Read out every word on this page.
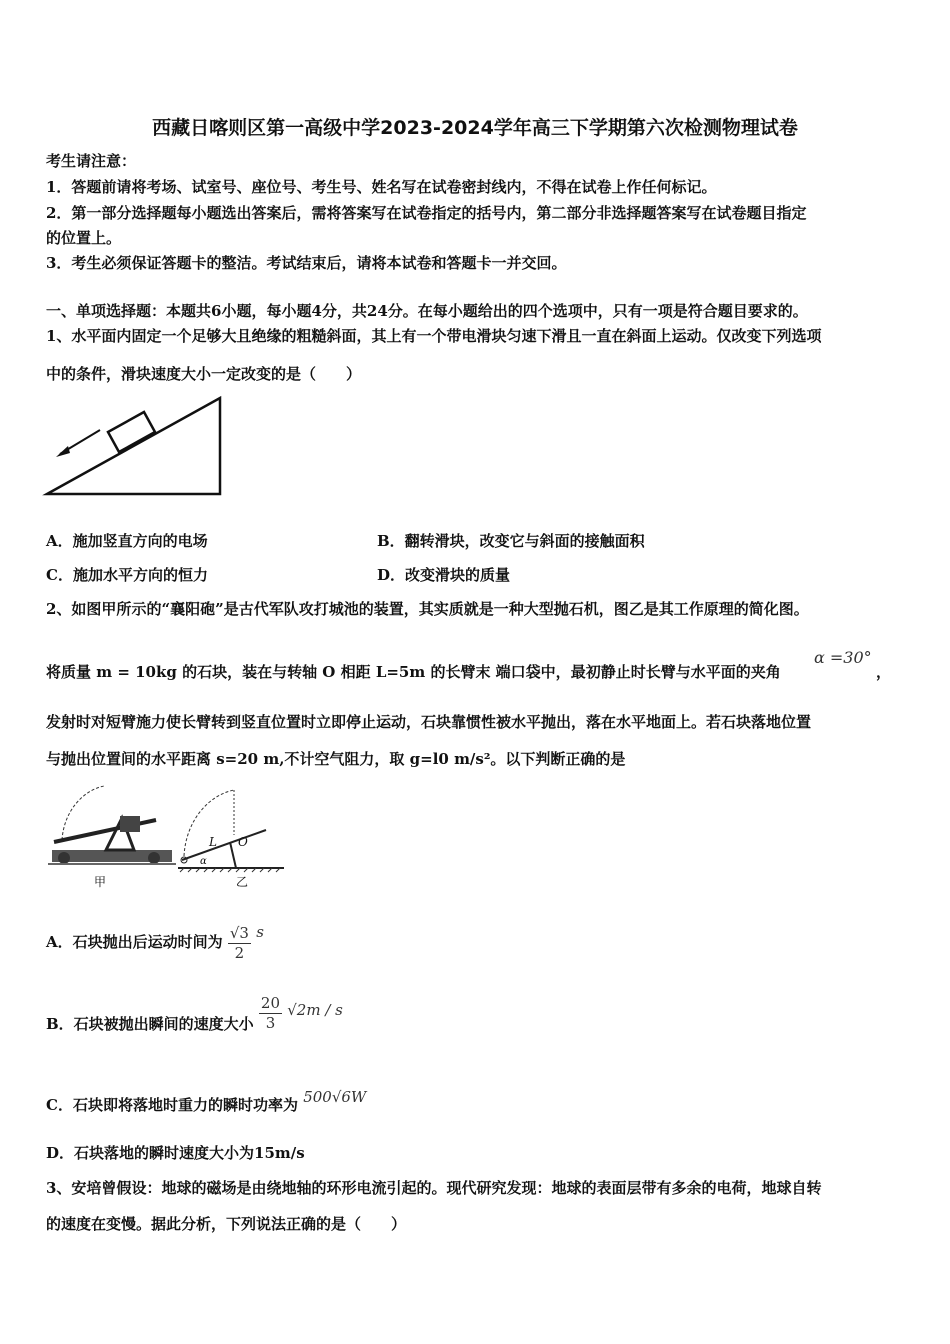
西藏日喀则区第一高级中学2023-2024学年高三下学期第六次检测物理试卷
考生请注意：
1．答题前请将考场、试室号、座位号、考生号、姓名写在试卷密封线内，不得在试卷上作任何标记。
2．第一部分选择题每小题选出答案后，需将答案写在试卷指定的括号内，第二部分非选择题答案写在试卷题目指定
的位置上。
3．考生必须保证答题卡的整洁。考试结束后，请将本试卷和答题卡一并交回。
一、单项选择题：本题共6小题，每小题4分，共24分。在每小题给出的四个选项中，只有一项是符合题目要求的。
1、水平面内固定一个足够大且绝缘的粗糙斜面，其上有一个带电滑块匀速下滑且一直在斜面上运动。仅改变下列选项
中的条件，滑块速度大小一定改变的是（　　）
A．施加竖直方向的电场	B．翻转滑块，改变它与斜面的接触面积
C．施加水平方向的恒力	D．改变滑块的质量
2、如图甲所示的“襄阳砲”是古代军队攻打城池的装置，其实质就是一种大型抛石机，图乙是其工作原理的简化图。
将质量 m = 10kg 的石块，装在与转轴 O 相距 L=5m 的长臂末 端口袋中，最初静止时长臂与水平面的夹角
α =30°
，
发射时对短臂施力使长臂转到竖直位置时立即停止运动，石块靠惯性被水平抛出，落在水平地面上。若石块落地位置
与抛出位置间的水平距离 s=20 m,不计空气阻力，取 g=l0 m/s²。以下判断正确的是
甲
L O
α
乙
A．石块抛出后运动时间为 $\frac{√3}{2}$ s
B．石块被抛出瞬间的速度大小 $\frac{20}{3} √2m$ / s
C．石块即将落地时重力的瞬时功率为 500√6W
D．石块落地的瞬时速度大小为15m/s
3、安培曾假设：地球的磁场是由绕地轴的环形电流引起的。现代研究发现：地球的表面层带有多余的电荷，地球自转
的速度在变慢。据此分析，下列说法正确的是（　　）
